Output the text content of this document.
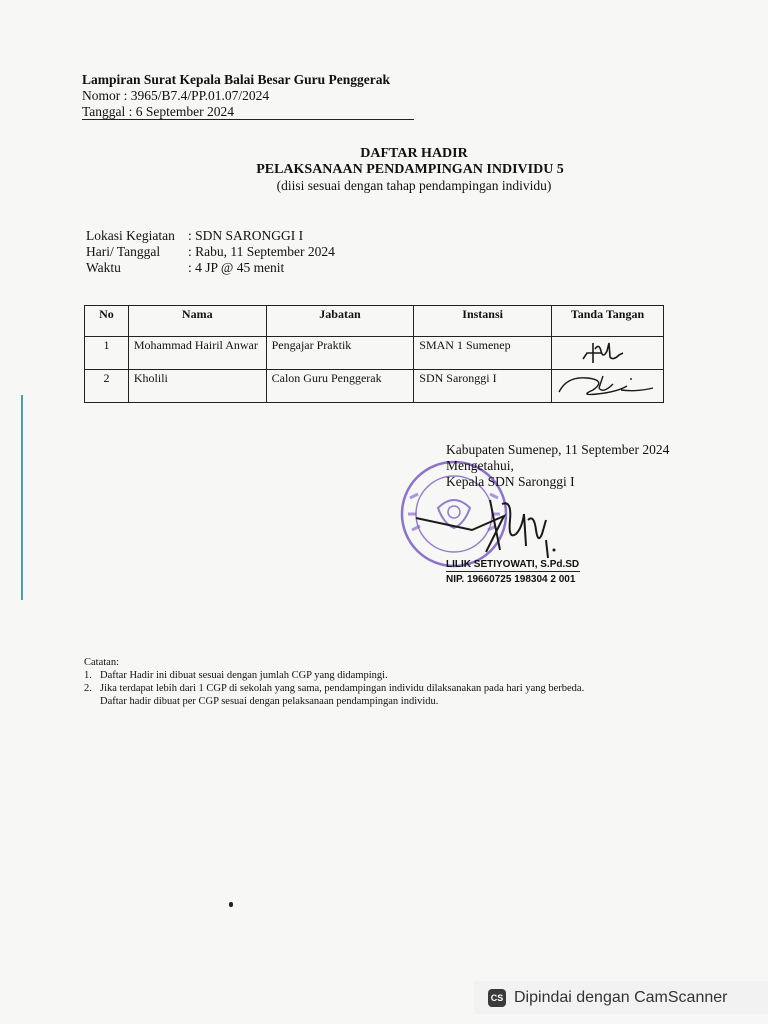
Lampiran Surat Kepala Balai Besar Guru Penggerak
Nomor : 3965/B7.4/PP.01.07/2024
Tanggal : 6 September 2024
DAFTAR HADIR
PELAKSANAAN PENDAMPINGAN INDIVIDU 5
(diisi sesuai dengan tahap pendampingan individu)
Lokasi Kegiatan : SDN SARONGGI I
Hari/ Tanggal	: Rabu, 11 September 2024
Waktu	: 4 JP @ 45 menit
No	Nama	Jabatan	Instansi	Tanda Tangan
1	Mohammad Hairil Anwar	Pengajar Praktik	SMAN 1 Sumenep	

2	Kholili	Calon Guru Penggerak	SDN Saronggi I	
Kabupaten Sumenep, 11 September 2024
Mengetahui,
Kepala SDN Saronggi I
LILIK SETIYOWATI, S.Pd.SD
NIP. 19660725 198304 2 001
Catatan:
1. Daftar Hadir ini dibuat sesuai dengan jumlah CGP yang didampingi.
2. Jika terdapat lebih dari 1 CGP di sekolah yang sama, pendampingan individu dilaksanakan pada hari yang berbeda.
Daftar hadir dibuat per CGP sesuai dengan pelaksanaan pendampingan individu.
CS Dipindai dengan CamScanner
